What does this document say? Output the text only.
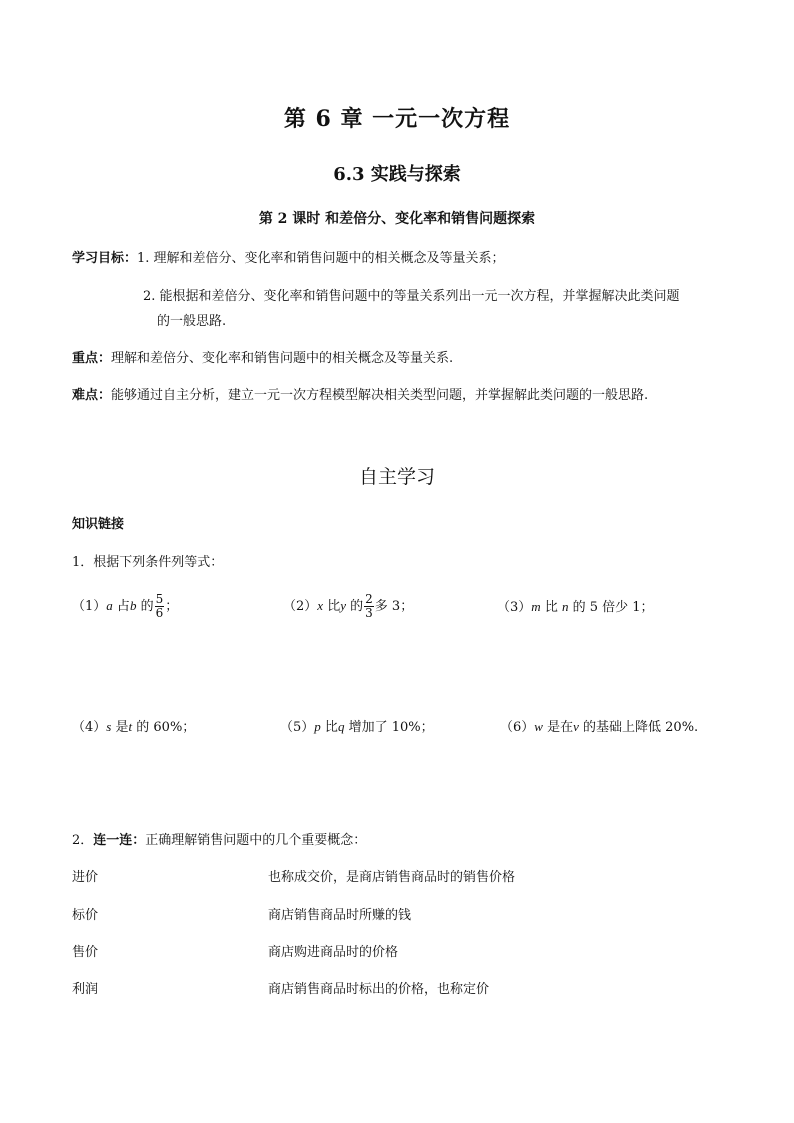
第 6 章 一元一次方程
6.3 实践与探索
第 2 课时 和差倍分、变化率和销售问题探索
学习目标：1. 理解和差倍分、变化率和销售问题中的相关概念及等量关系；
2. 能根据和差倍分、变化率和销售问题中的等量关系列出一元一次方程，并掌握解决此类问题
的一般思路.
重点：理解和差倍分、变化率和销售问题中的相关概念及等量关系.
难点：能够通过自主分析，建立一元一次方程模型解决相关类型问题，并掌握解此类问题的一般思路.
自主学习
知识链接
1．根据下列条件列等式：
（1）a 占b 的 $\frac{5}{6}$ ；	（2）x 比y 的 $\frac{2}{3}$ 多 3；	（3）m 比 n 的 5 倍少 1；
（4）s 是t 的 60%；	（5）p 比q 增加了 10%；	（6）w 是在v 的基础上降低 20%.
2．连一连：正确理解销售问题中的几个重要概念：
进价	也称成交价，是商店销售商品时的销售价格
标价	商店销售商品时所赚的钱
售价	商店购进商品时的价格
利润	商店销售商品时标出的价格，也称定价
